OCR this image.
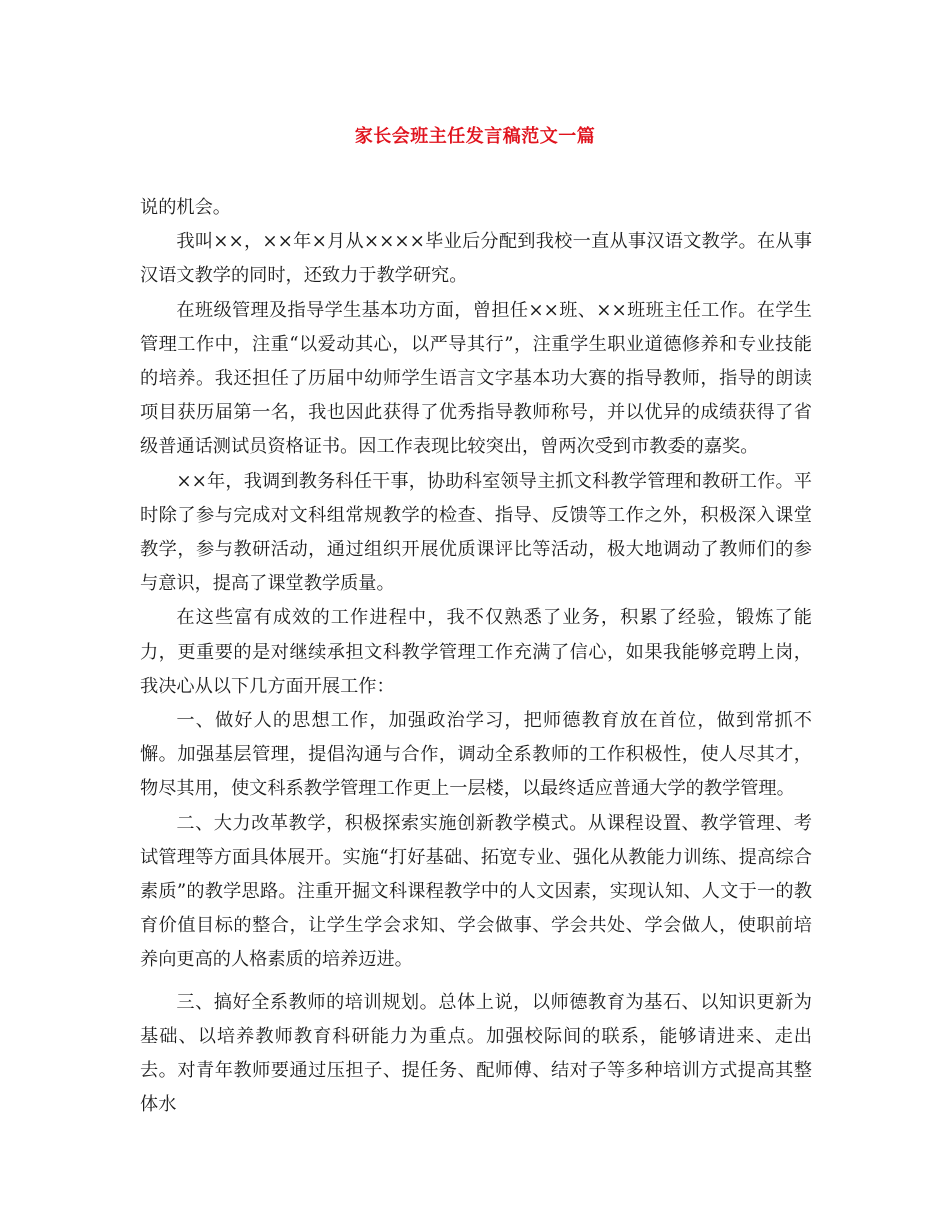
家长会班主任发言稿范文一篇

说的机会。

我叫××，××年×月从××××毕业后分配到我校一直从事汉语文教学。在从事汉语文教学的同时，还致力于教学研究。

在班级管理及指导学生基本功方面，曾担任××班、××班班主任工作。在学生管理工作中，注重“以爱动其心，以严导其行”，注重学生职业道德修养和专业技能的培养。我还担任了历届中幼师学生语言文字基本功大赛的指导教师，指导的朗读项目获历届第一名，我也因此获得了优秀指导教师称号，并以优异的成绩获得了省级普通话测试员资格证书。因工作表现比较突出，曾两次受到市教委的嘉奖。

××年，我调到教务科任干事，协助科室领导主抓文科教学管理和教研工作。平时除了参与完成对文科组常规教学的检查、指导、反馈等工作之外，积极深入课堂教学，参与教研活动，通过组织开展优质课评比等活动，极大地调动了教师们的参与意识，提高了课堂教学质量。

在这些富有成效的工作进程中，我不仅熟悉了业务，积累了经验，锻炼了能力，更重要的是对继续承担文科教学管理工作充满了信心，如果我能够竞聘上岗，我决心从以下几方面开展工作：

一、做好人的思想工作，加强政治学习，把师德教育放在首位，做到常抓不懈。加强基层管理，提倡沟通与合作，调动全系教师的工作积极性，使人尽其才，物尽其用，使文科系教学管理工作更上一层楼，以最终适应普通大学的教学管理。

二、大力改革教学，积极探索实施创新教学模式。从课程设置、教学管理、考试管理等方面具体展开。实施“打好基础、拓宽专业、强化从教能力训练、提高综合素质”的教学思路。注重开掘文科课程教学中的人文因素，实现认知、人文于一的教育价值目标的整合，让学生学会求知、学会做事、学会共处、学会做人，使职前培养向更高的人格素质的培养迈进。

三、搞好全系教师的培训规划。总体上说，以师德教育为基石、以知识更新为基础、以培养教师教育科研能力为重点。加强校际间的联系，能够请进来、走出去。对青年教师要通过压担子、提任务、配师傅、结对子等多种培训方式提高其整体水
